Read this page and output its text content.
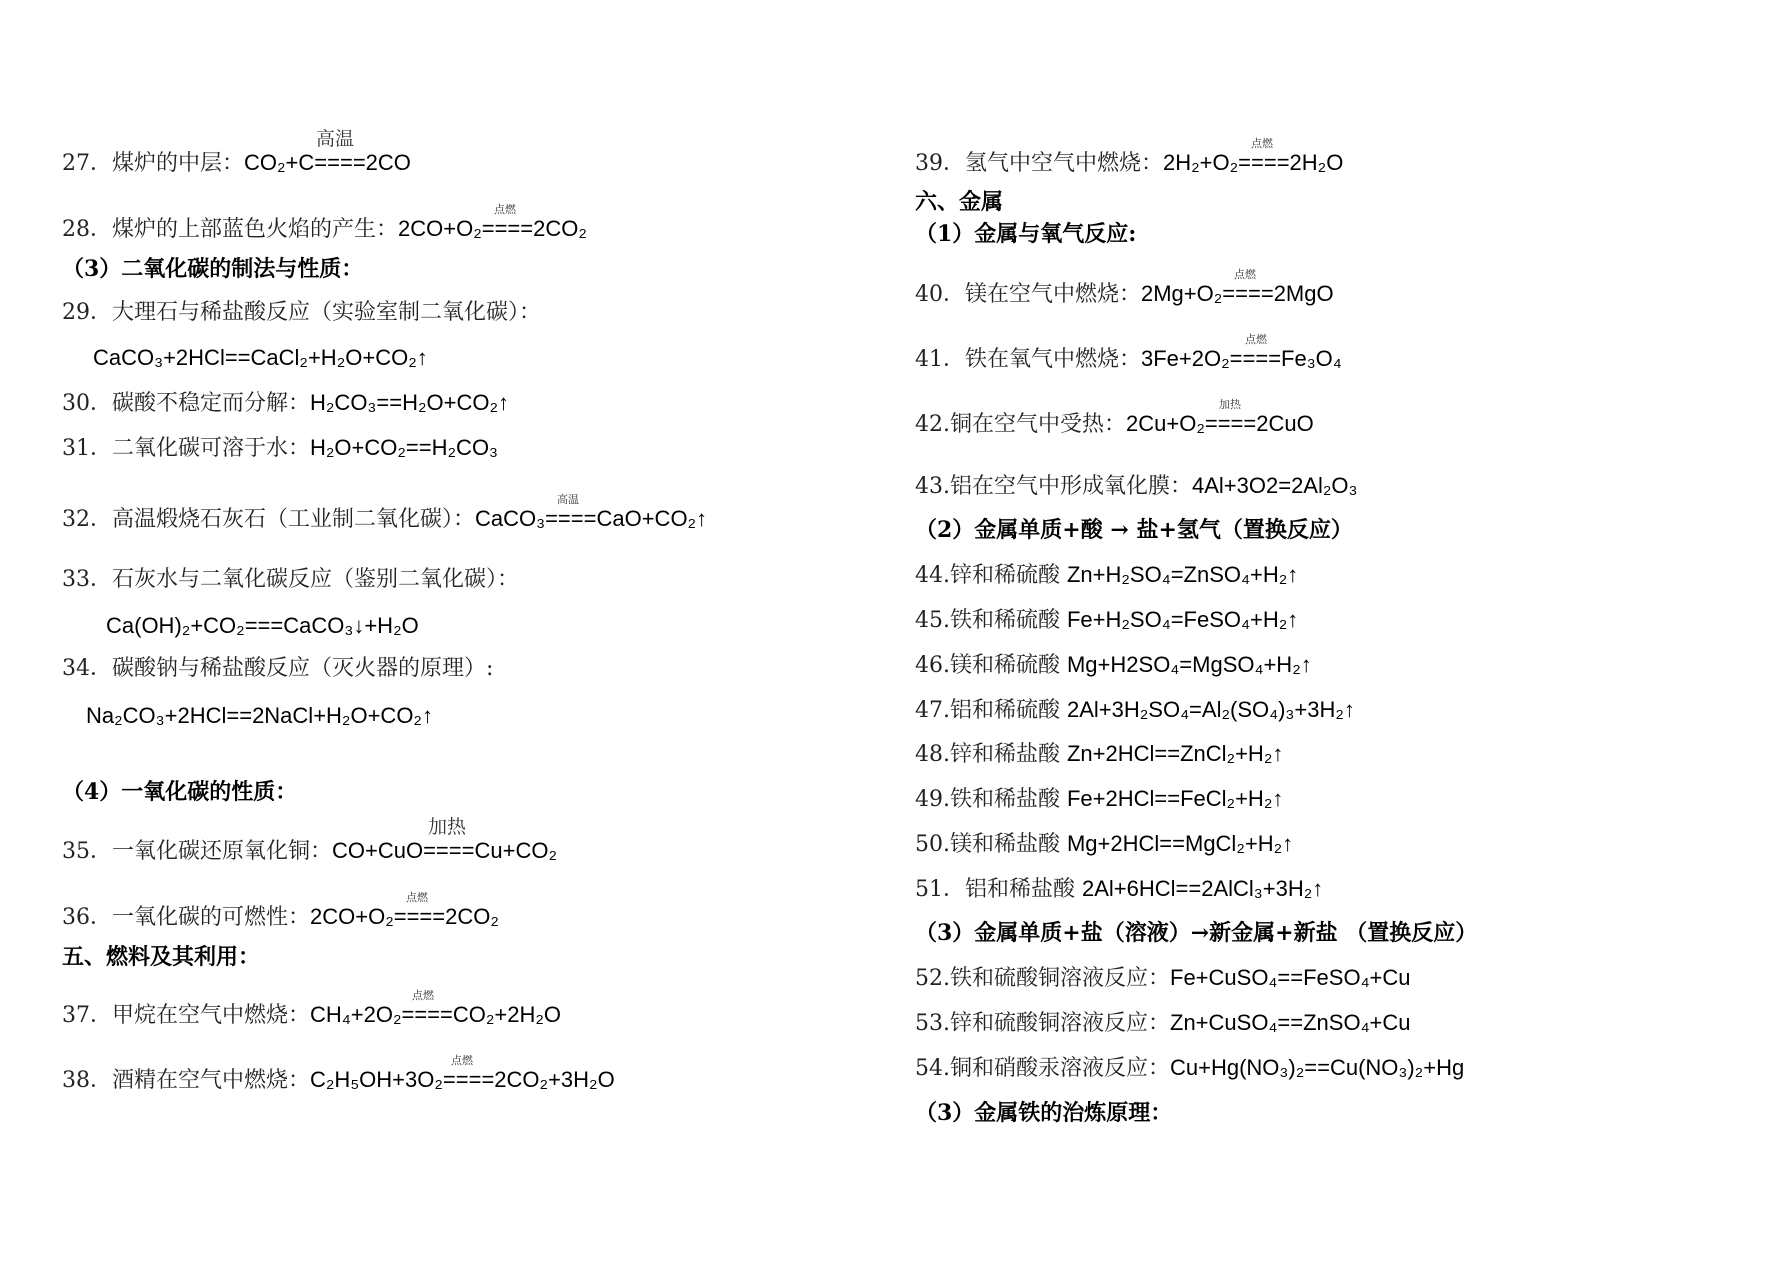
27．煤炉的中层：
高温
CO₂+C====2CO
28．煤炉的上部蓝色火焰的产生：
点燃
2CO+O₂====2CO₂
（3）二氧化碳的制法与性质：
29．大理石与稀盐酸反应（实验室制二氧化碳）：
CaCO₃+2HCl==CaCl₂+H₂O+CO₂↑
30．碳酸不稳定而分解：H₂CO₃==H₂O+CO₂↑
31．二氧化碳可溶于水：H₂O+CO₂==H₂CO₃
32．高温煅烧石灰石（工业制二氧化碳）：
高温
CaCO₃====CaO+CO₂↑
33．石灰水与二氧化碳反应（鉴别二氧化碳）：
Ca(OH)₂+CO₂===CaCO₃↓+H₂O
34．碳酸钠与稀盐酸反应（灭火器的原理）:
Na₂CO₃+2HCl==2NaCl+H₂O+CO₂↑
（4）一氧化碳的性质：
35．一氧化碳还原氧化铜：
加热
CO+CuO====Cu+CO₂
36．一氧化碳的可燃性：
点燃
2CO+O₂====2CO₂
五、燃料及其利用：
37．甲烷在空气中燃烧：
点燃
CH₄+2O₂====CO₂+2H₂O
38．酒精在空气中燃烧：
点燃
C₂H₅OH+3O₂====2CO₂+3H₂O
39．氢气中空气中燃烧：
点燃
2H₂+O₂====2H₂O
六、金属
（1）金属与氧气反应:
40．镁在空气中燃烧：
点燃
2Mg+O₂====2MgO
41．铁在氧气中燃烧：
点燃
3Fe+2O₂====Fe₃O₄
42.铜在空气中受热：
加热
2Cu+O₂====2CuO
43.铝在空气中形成氧化膜：4Al+3O2=2Al₂O₃
（2）金属单质+酸 → 盐+氢气（置换反应）
44.锌和稀硫酸 Zn+H₂SO₄=ZnSO₄+H₂↑
45.铁和稀硫酸 Fe+H₂SO₄=FeSO₄+H₂↑
46.镁和稀硫酸 Mg+H2SO₄=MgSO₄+H₂↑
47.铝和稀硫酸 2Al+3H₂SO₄=Al₂(SO₄)₃+3H₂↑
48.锌和稀盐酸 Zn+2HCl==ZnCl₂+H₂↑
49.铁和稀盐酸 Fe+2HCl==FeCl₂+H₂↑
50.镁和稀盐酸 Mg+2HCl==MgCl₂+H₂↑
51．铝和稀盐酸 2Al+6HCl==2AlCl₃+3H₂↑
（3）金属单质+盐（溶液）→新金属+新盐 （置换反应）
52.铁和硫酸铜溶液反应：Fe+CuSO₄==FeSO₄+Cu
53.锌和硫酸铜溶液反应：Zn+CuSO₄==ZnSO₄+Cu
54.铜和硝酸汞溶液反应：Cu+Hg(NO₃)₂==Cu(NO₃)₂+Hg
（3）金属铁的治炼原理：
